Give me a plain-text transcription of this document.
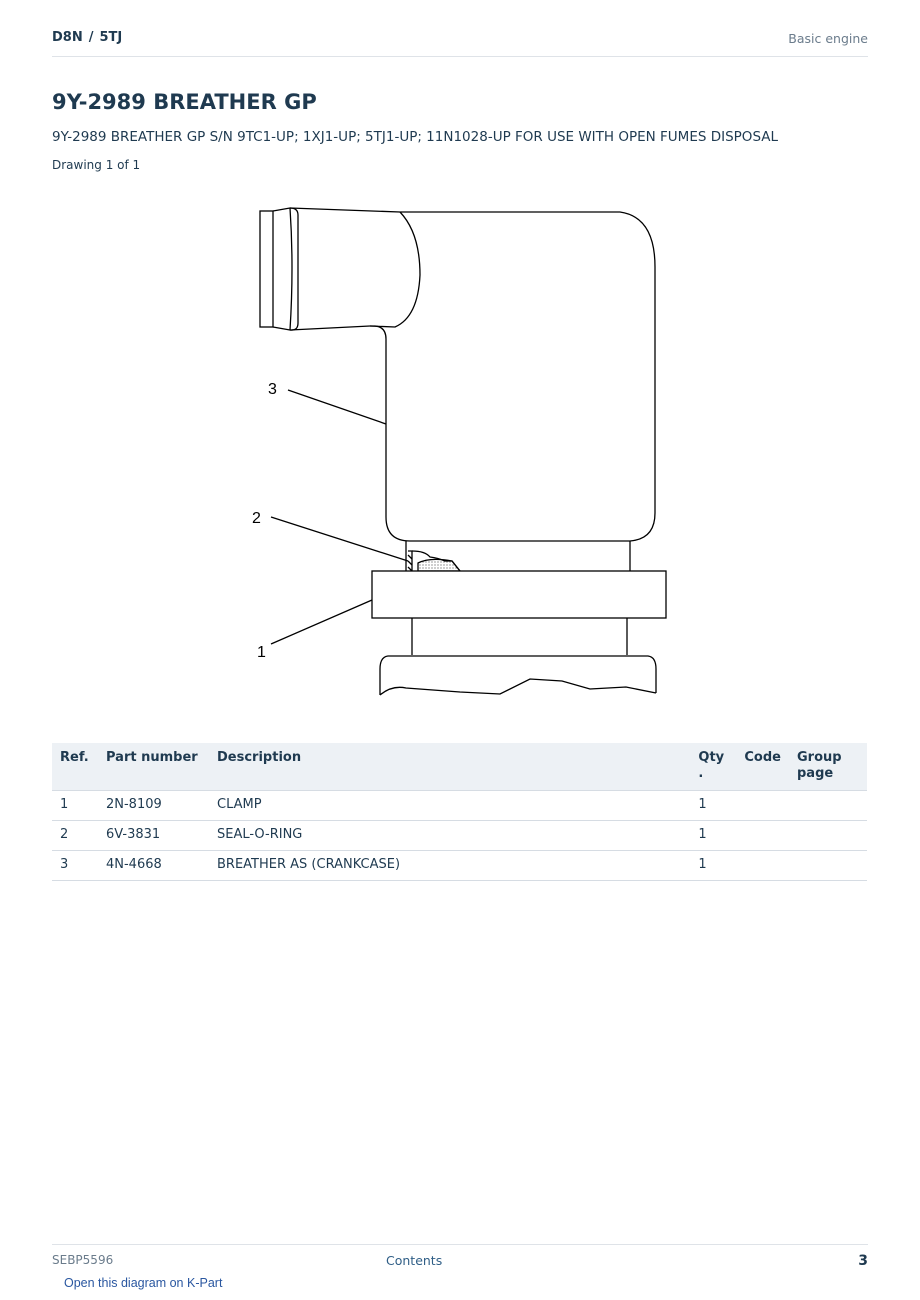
D8N / 5TJ	Basic engine
9Y-2989 BREATHER GP
9Y-2989 BREATHER GP S/N 9TC1-UP; 1XJ1-UP; 5TJ1-UP; 11N1028-UP FOR USE WITH OPEN FUMES DISPOSAL
Drawing 1 of 1
3
2
1
Ref.	Part number	Description	Qty .	Code	Group page
1	2N-8109	CLAMP	1		
2	6V-3831	SEAL-O-RING	1		
3	4N-4668	BREATHER AS (CRANKCASE)	1		
SEBP5596	Contents	3
Open this diagram on K-Part
